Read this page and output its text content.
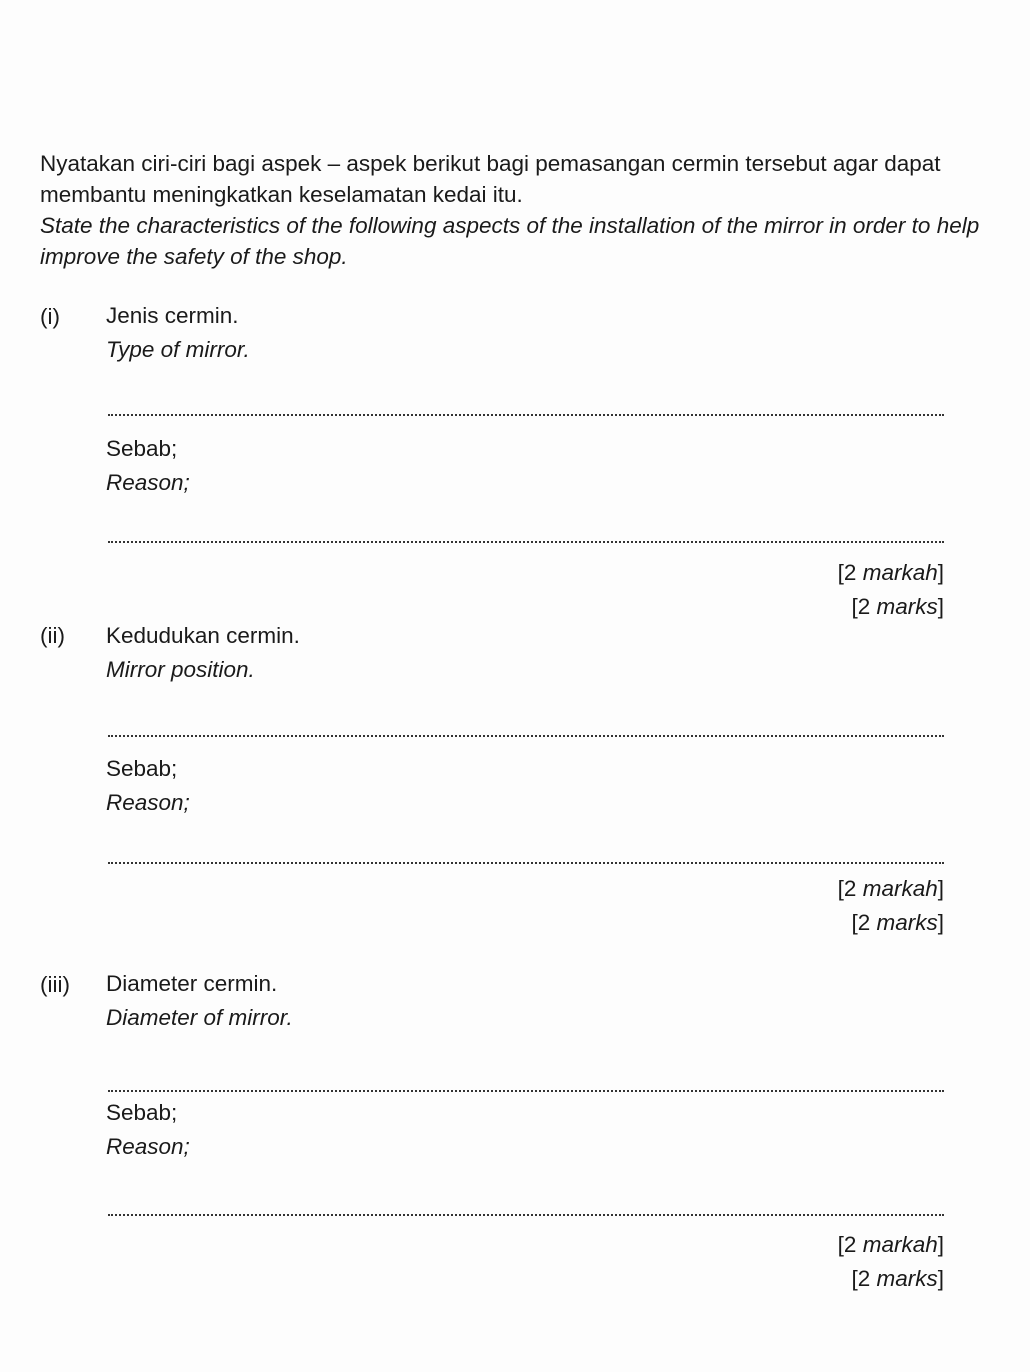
Nyatakan ciri-ciri bagi aspek – aspek berikut bagi pemasangan cermin tersebut agar dapat membantu meningkatkan keselamatan kedai itu.
State the characteristics of the following aspects of the installation of the mirror in order to help improve the safety of the shop.
(i) Jenis cermin.
Type of mirror.
Sebab;
Reason;
[2 markah]
[2 marks]
(ii) Kedudukan cermin.
Mirror position.
Sebab;
Reason;
[2 markah]
[2 marks]
(iii) Diameter cermin.
Diameter of mirror.
Sebab;
Reason;
[2 markah]
[2 marks]
